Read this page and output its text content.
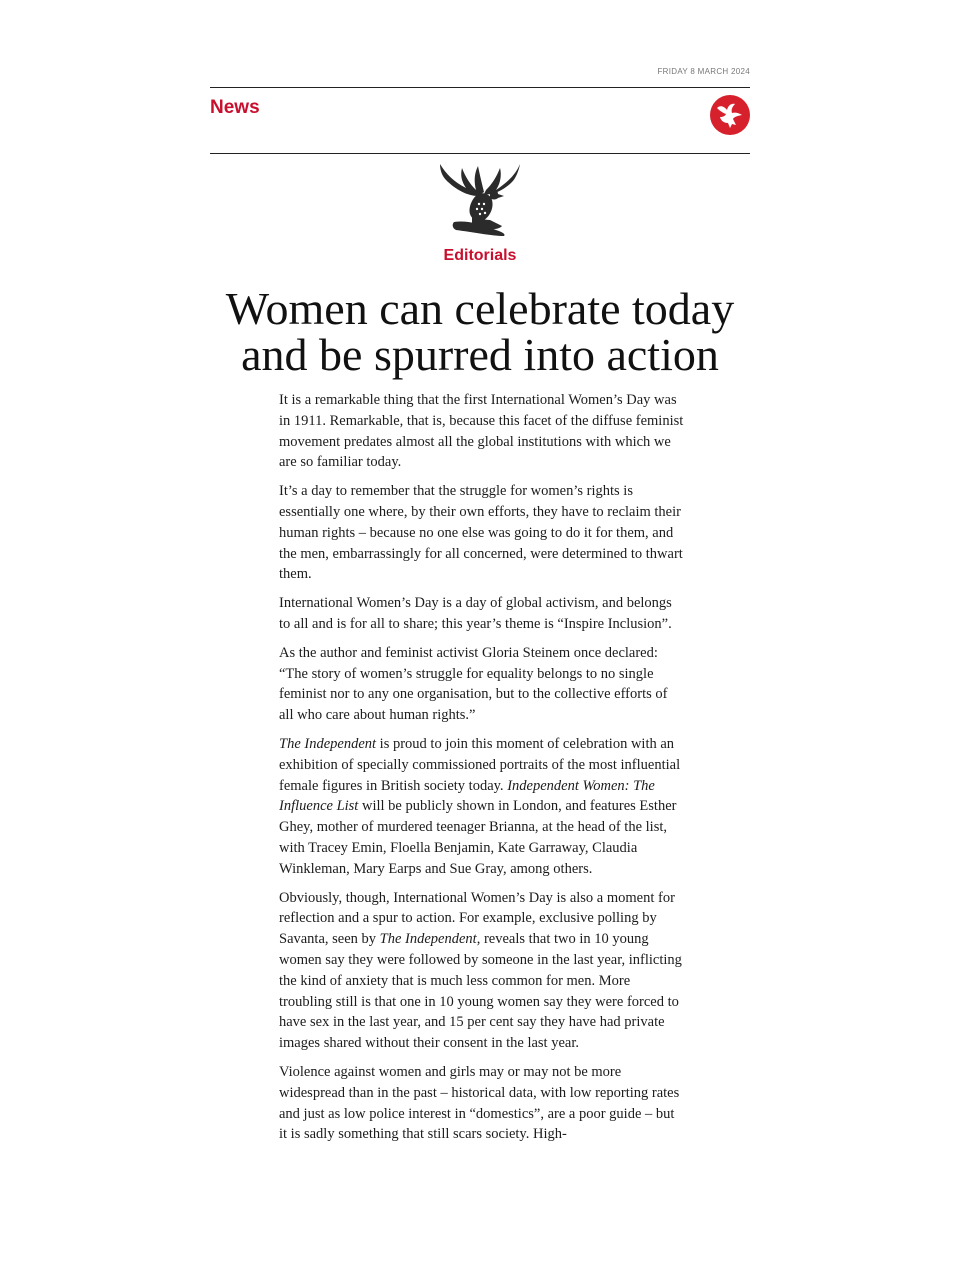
FRIDAY 8 MARCH 2024
News
Editorials
Women can celebrate today and be spurred into action

It is a remarkable thing that the first International Women’s Day was in 1911. Remarkable, that is, because this facet of the diffuse feminist movement predates almost all the global institutions with which we are so familiar today.

It’s a day to remember that the struggle for women’s rights is essentially one where, by their own efforts, they have to reclaim their human rights – because no one else was going to do it for them, and the men, embarrassingly for all concerned, were determined to thwart them.

International Women’s Day is a day of global activism, and belongs to all and is for all to share; this year’s theme is “Inspire Inclusion”.

As the author and feminist activist Gloria Steinem once declared: “The story of women’s struggle for equality belongs to no single feminist nor to any one organisation, but to the collective efforts of all who care about human rights.”

The Independent is proud to join this moment of celebration with an exhibition of specially commissioned portraits of the most influential female figures in British society today. Independent Women: The Influence List will be publicly shown in London, and features Esther Ghey, mother of murdered teenager Brianna, at the head of the list, with Tracey Emin, Floella Benjamin, Kate Garraway, Claudia Winkleman, Mary Earps and Sue Gray, among others.

Obviously, though, International Women’s Day is also a moment for reflection and a spur to action. For example, exclusive polling by Savanta, seen by The Independent, reveals that two in 10 young women say they were followed by someone in the last year, inflicting the kind of anxiety that is much less common for men. More troubling still is that one in 10 young women say they were forced to have sex in the last year, and 15 per cent say they have had private images shared without their consent in the last year.

Violence against women and girls may or may not be more widespread than in the past – historical data, with low reporting rates and just as low police interest in “domestics”, are a poor guide – but it is sadly something that still scars society. High-
